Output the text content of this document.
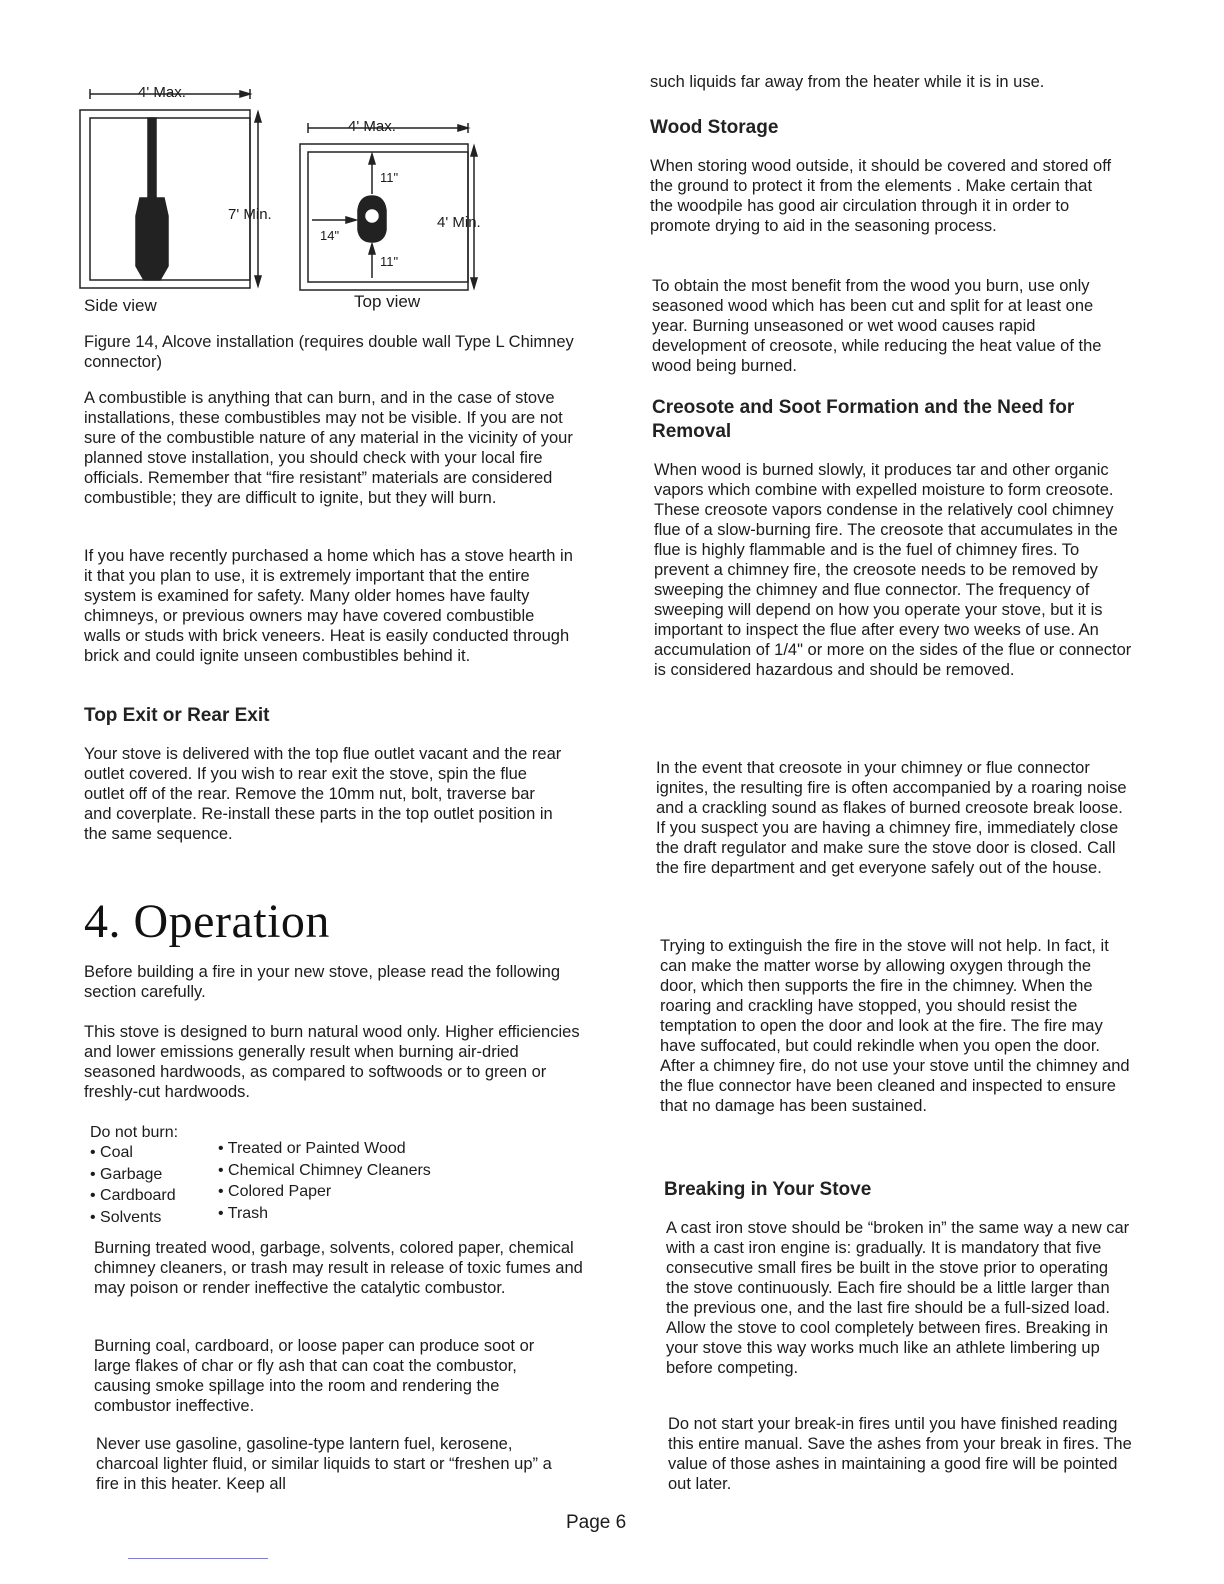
4' Max.
7' Min.
4' Max.
4' Min.
11"
14"
11"
Side view	Top view

Figure 14, Alcove installation (requires double wall Type L Chimney connector)

A combustible is anything that can burn, and in the case of stove installations, these combustibles may not be visible. If you are not sure of the combustible nature of any material in the vicinity of your planned stove installation, you should check with your local fire officials. Remember that “fire resistant” materials are considered combustible; they are difficult to ignite, but they will burn.

If you have recently purchased a home which has a stove hearth in it that you plan to use, it is extremely important that the entire system is examined for safety. Many older homes have faulty chimneys, or previous owners may have covered combustible walls or studs with brick veneers. Heat is easily conducted through brick and could ignite unseen combustibles behind it.

Top Exit or Rear Exit

Your stove is delivered with the top flue outlet vacant and the rear outlet covered. If you wish to rear exit the stove, spin the flue outlet off of the rear. Remove the 10mm nut, bolt, traverse bar and coverplate. Re-install these parts in the top outlet position in the same sequence.

4. Operation

Before building a fire in your new stove, please read the following section carefully.

This stove is designed to burn natural wood only. Higher efficiencies and lower emissions generally result when burning air-dried seasoned hardwoods, as compared to softwoods or to green or freshly-cut hardwoods.

Do not burn:
• Coal
• Garbage
• Cardboard
• Solvents
• Treated or Painted Wood
• Chemical Chimney Cleaners
• Colored Paper
• Trash

Burning treated wood, garbage, solvents, colored paper, chemical chimney cleaners, or trash may result in release of toxic fumes and may poison or render ineffective the catalytic combustor.

Burning coal, cardboard, or loose paper can produce soot or large flakes of char or fly ash that can coat the combustor, causing smoke spillage into the room and rendering the combustor ineffective.

Never use gasoline, gasoline-type lantern fuel, kerosene, charcoal lighter fluid, or similar liquids to start or “freshen up” a fire in this heater. Keep all

such liquids far away from the heater while it is in use.

Wood Storage

When storing wood outside, it should be covered and stored off the ground to protect it from the elements . Make certain that the woodpile has good air circulation through it in order to promote drying to aid in the seasoning process.

To obtain the most benefit from the wood you burn, use only seasoned wood which has been cut and split for at least one year. Burning unseasoned or wet wood causes rapid development of creosote, while reducing the heat value of the wood being burned.

Creosote and Soot Formation and the Need for Removal

When wood is burned slowly, it produces tar and other organic vapors which combine with expelled moisture to form creosote. These creosote vapors condense in the relatively cool chimney flue of a slow-burning fire. The creosote that accumulates in the flue is highly flammable and is the fuel of chimney fires. To prevent a chimney fire, the creosote needs to be removed by sweeping the chimney and flue connector. The frequency of sweeping will depend on how you operate your stove, but it is important to inspect the flue after every two weeks of use. An accumulation of 1/4" or more on the sides of the flue or connector is considered hazardous and should be removed.

In the event that creosote in your chimney or flue connector ignites, the resulting fire is often accompanied by a roaring noise and a crackling sound as flakes of burned creosote break loose. If you suspect you are having a chimney fire, immediately close the draft regulator and make sure the stove door is closed. Call the fire department and get everyone safely out of the house.

Trying to extinguish the fire in the stove will not help. In fact, it can make the matter worse by allowing oxygen through the door, which then supports the fire in the chimney. When the roaring and crackling have stopped, you should resist the temptation to open the door and look at the fire. The fire may have suffocated, but could rekindle when you open the door. After a chimney fire, do not use your stove until the chimney and the flue connector have been cleaned and inspected to ensure that no damage has been sustained.

Breaking in Your Stove

A cast iron stove should be “broken in” the same way a new car with a cast iron engine is: gradually. It is mandatory that five consecutive small fires be built in the stove prior to operating the stove continuously. Each fire should be a little larger than the previous one, and the last fire should be a full-sized load. Allow the stove to cool completely between fires. Breaking in your stove this way works much like an athlete limbering up before competing.

Do not start your break-in fires until you have finished reading this entire manual. Save the ashes from your break in fires. The value of those ashes in maintaining a good fire will be pointed out later.

Page 6
